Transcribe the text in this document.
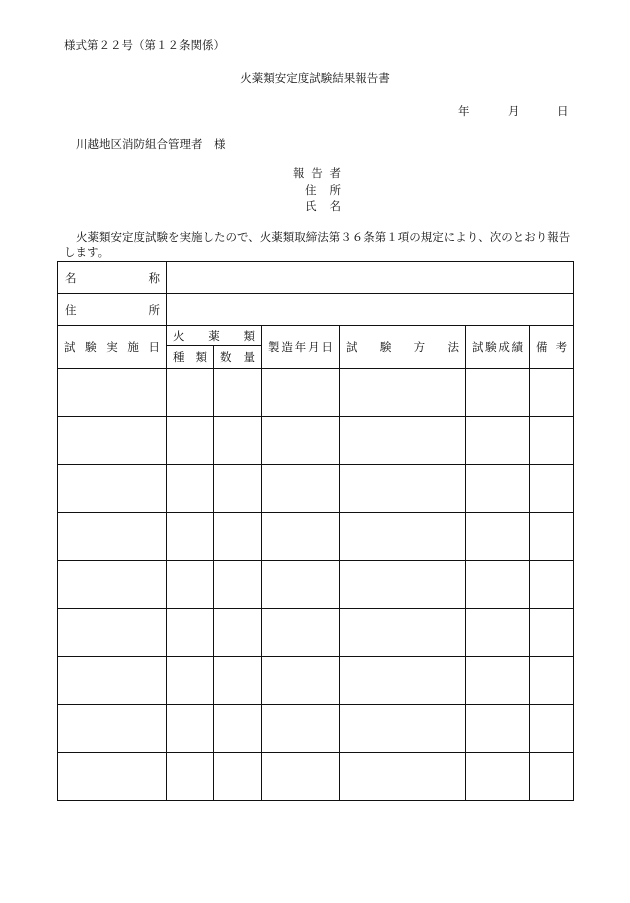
様式第２２号（第１２条関係）
火薬類安定度試験結果報告書
年	月	日
川越地区消防組合管理者　様
報 告 者
住 所
氏 名
火薬類安定度試験を実施したので、火薬類取締法第３６条第１項の規定により、次のとおり報告します。
名 称						

住 所						

試 験 実 施 日	火 薬 類		製 造 年 月 日	試 験 方 法	試 験 成 績	備 考

	種 類	数 量				
